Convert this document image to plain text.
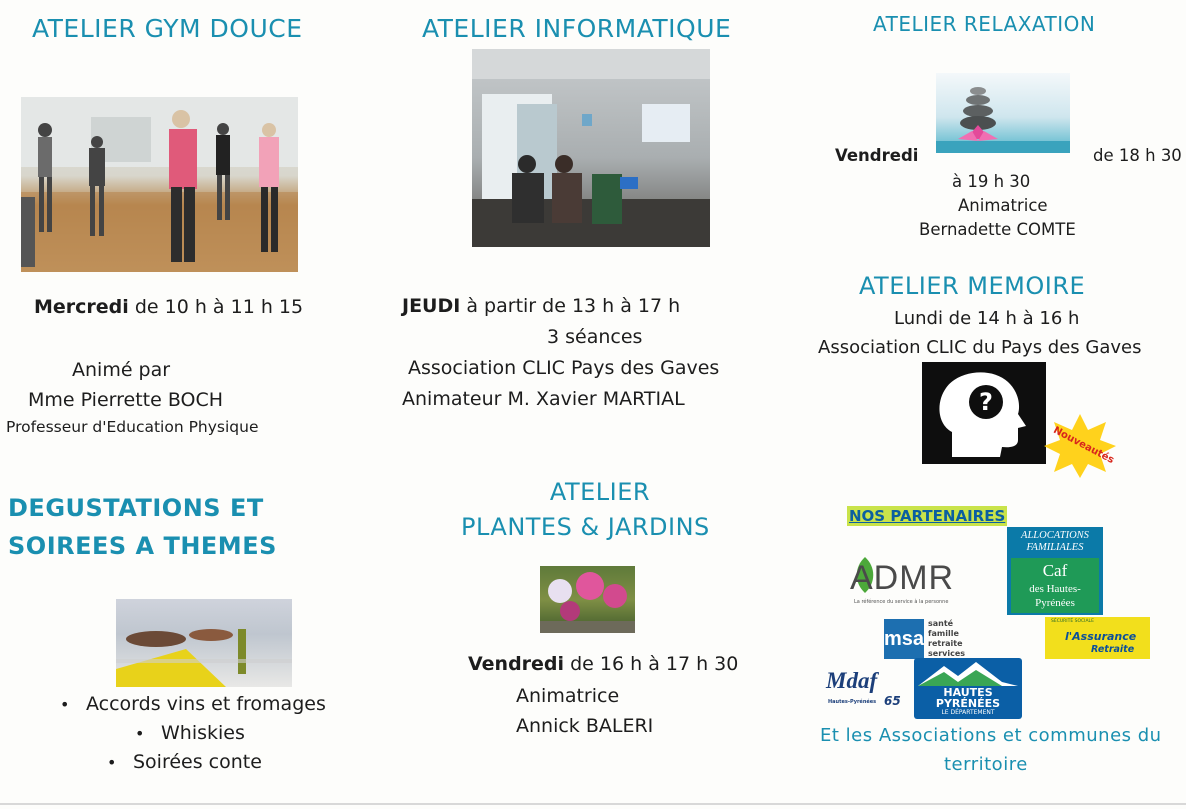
ATELIER GYM DOUCE
Mercredi de 10 h à 11 h 15
Animé par
Mme Pierrette BOCH
Professeur d'Education Physique
DEGUSTATIONS ET
SOIREES A THEMES
• Accords vins et fromages
• Whiskies
• Soirées conte
ATELIER INFORMATIQUE
JEUDI à partir de 13 h à 17 h
3 séances
Association CLIC Pays des Gaves
Animateur M. Xavier MARTIAL
ATELIER
PLANTES & JARDINS
Vendredi de 16 h à 17 h 30
Animatrice
Annick BALERI
ATELIER RELAXATION
Vendredi	de 18 h 30
à 19 h 30
Animatrice
Bernadette COMTE
ATELIER MEMOIRE
Lundi de 14 h à 16 h
Association CLIC du Pays des Gaves
?
Nouveautés
NOS PARTENAIRES
ADMR
La référence du service à la personne
ALLOCATIONS
FAMILIALES
Caf
des Hautes-
Pyrénées
msa
santé
famille
retraite
services
SÉCURITÉ SOCIALE
l'Assurance
Retraite
Mdaf
65
Hautes-Pyrénées
HAUTES
PYRÉNÉES
LE DÉPARTEMENT
Et les Associations et communes du
territoire
